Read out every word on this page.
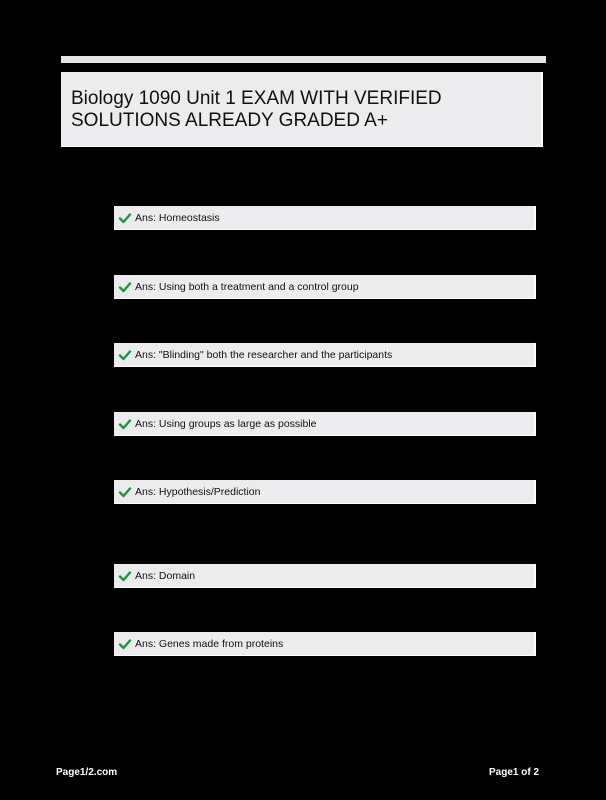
Biology 1090 Unit 1 EXAM WITH VERIFIED SOLUTIONS ALREADY GRADED A+
Ans: Homeostasis
Ans: Using both a treatment and a control group
Ans: "Blinding" both the researcher and the participants
Ans: Using groups as large as possible
Ans: Hypothesis/Prediction
Ans: Domain
Ans: Genes made from proteins
Page1/2.com	Page1 of 2
